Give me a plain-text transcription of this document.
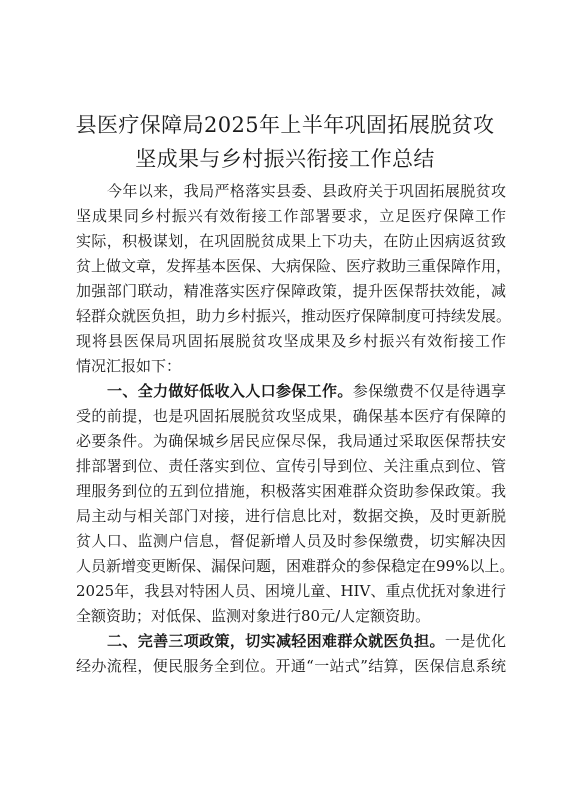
县医疗保障局2025年上半年巩固拓展脱贫攻
坚成果与乡村振兴衔接工作总结
今年以来，我局严格落实县委、县政府关于巩固拓展脱贫攻
坚成果同乡村振兴有效衔接工作部署要求，立足医疗保障工作
实际，积极谋划，在巩固脱贫成果上下功夫，在防止因病返贫致
贫上做文章，发挥基本医保、大病保险、医疗救助三重保障作用，
加强部门联动，精准落实医疗保障政策，提升医保帮扶效能，减
轻群众就医负担，助力乡村振兴，推动医疗保障制度可持续发展。
现将县医保局巩固拓展脱贫攻坚成果及乡村振兴有效衔接工作
情况汇报如下：
一、全力做好低收入人口参保工作。参保缴费不仅是待遇享
受的前提，也是巩固拓展脱贫攻坚成果，确保基本医疗有保障的
必要条件。为确保城乡居民应保尽保，我局通过采取医保帮扶安
排部署到位、责任落实到位、宣传引导到位、关注重点到位、管
理服务到位的五到位措施，积极落实困难群众资助参保政策。我
局主动与相关部门对接，进行信息比对，数据交换，及时更新脱
贫人口、监测户信息，督促新增人员及时参保缴费，切实解决因
人员新增变更断保、漏保问题，困难群众的参保稳定在99%以上。
2025年，我县对特困人员、困境儿童、HIV、重点优抚对象进行
全额资助；对低保、监测对象进行80元/人定额资助。
二、完善三项政策，切实减轻困难群众就医负担。一是优化
经办流程，便民服务全到位。开通“一站式”结算，医保信息系统
